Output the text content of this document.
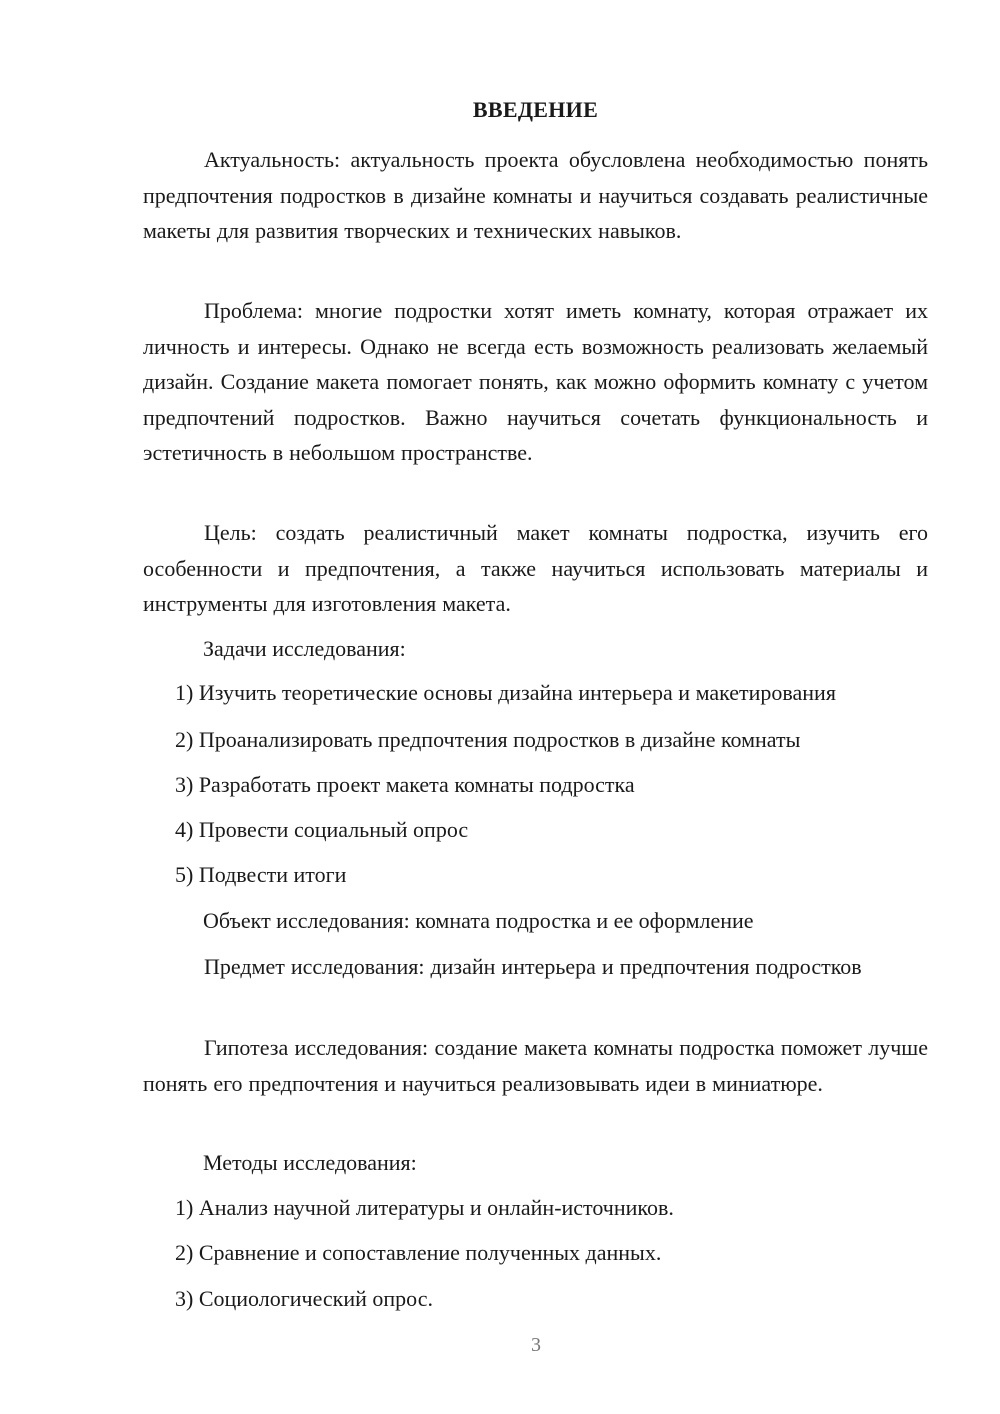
ВВЕДЕНИЕ

Актуальность: актуальность проекта обусловлена необходимостью понять предпочтения подростков в дизайне комнаты и научиться создавать реалистичные макеты для развития творческих и технических навыков.

Проблема: многие подростки хотят иметь комнату, которая отражает их личность и интересы. Однако не всегда есть возможность реализовать желаемый дизайн. Создание макета помогает понять, как можно оформить комнату с учетом предпочтений подростков. Важно научиться сочетать функциональность и эстетичность в небольшом пространстве.

Цель: создать реалистичный макет комнаты подростка, изучить его особенности и предпочтения, а также научиться использовать материалы и инструменты для изготовления макета.

Задачи исследования:

1) Изучить теоретические основы дизайна интерьера и макетирования

2) Проанализировать предпочтения подростков в дизайне комнаты

3) Разработать проект макета комнаты подростка

4) Провести социальный опрос

5) Подвести итоги

Объект исследования: комната подростка и ее оформление

Предмет исследования: дизайн интерьера и предпочтения подростков

Гипотеза исследования: создание макета комнаты подростка поможет лучше понять его предпочтения и научиться реализовывать идеи в миниатюре.

Методы исследования:

1) Анализ научной литературы и онлайн-источников.

2) Сравнение и сопоставление полученных данных.

3) Социологический опрос.

3
